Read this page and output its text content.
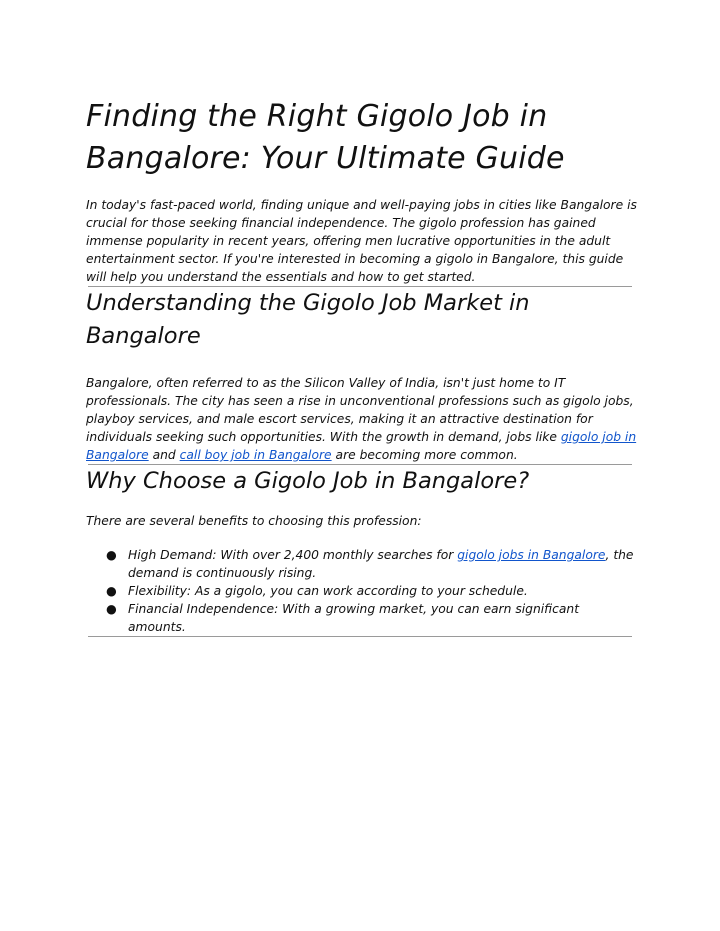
Finding the Right Gigolo Job in Bangalore: Your Ultimate Guide

In today's fast-paced world, finding unique and well-paying jobs in cities like Bangalore is crucial for those seeking financial independence. The gigolo profession has gained immense popularity in recent years, offering men lucrative opportunities in the adult entertainment sector. If you're interested in becoming a gigolo in Bangalore, this guide will help you understand the essentials and how to get started.

Understanding the Gigolo Job Market in Bangalore

Bangalore, often referred to as the Silicon Valley of India, isn't just home to IT professionals. The city has seen a rise in unconventional professions such as gigolo jobs, playboy services, and male escort services, making it an attractive destination for individuals seeking such opportunities. With the growth in demand, jobs like gigolo job in Bangalore and call boy job in Bangalore are becoming more common.

Why Choose a Gigolo Job in Bangalore?

There are several benefits to choosing this profession:

● High Demand: With over 2,400 monthly searches for gigolo jobs in Bangalore, the demand is continuously rising.
● Flexibility: As a gigolo, you can work according to your schedule.
● Financial Independence: With a growing market, you can earn significant amounts.
